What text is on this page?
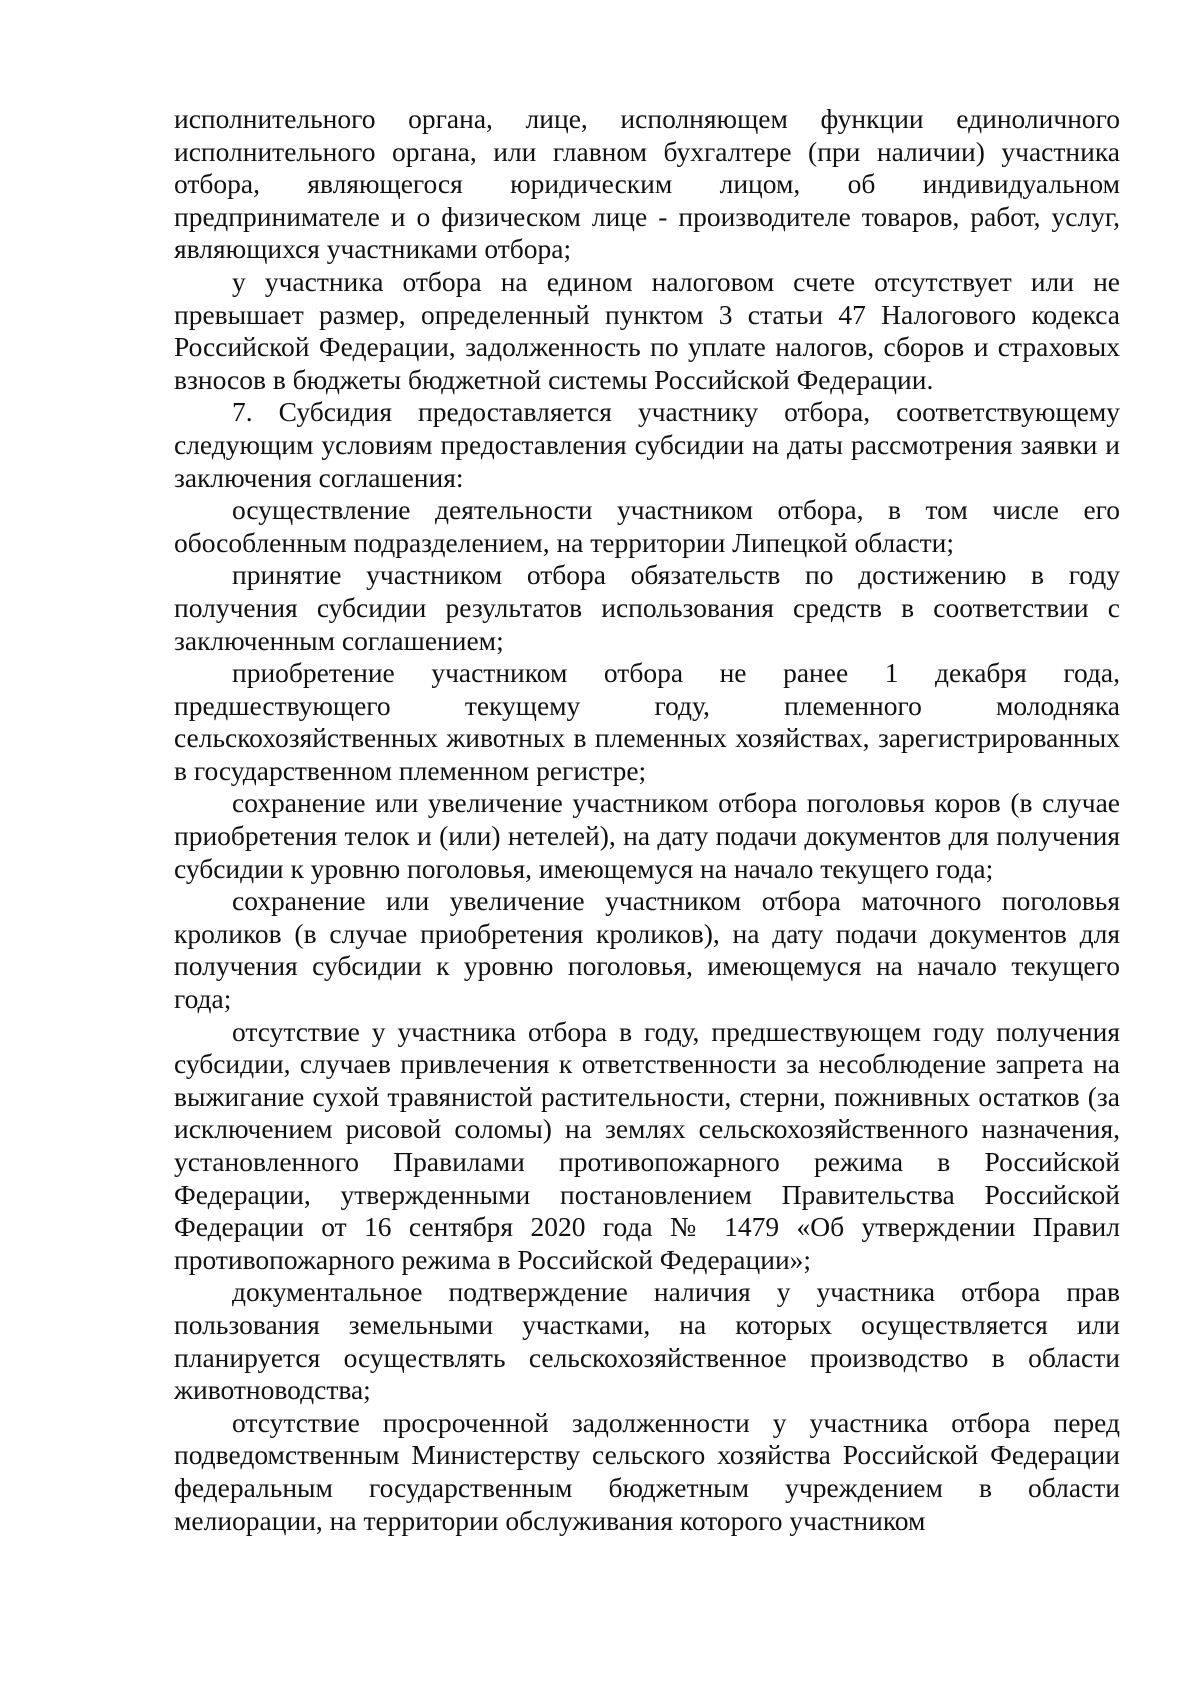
исполнительного органа, лице, исполняющем функции единоличного исполнительного органа, или главном бухгалтере (при наличии) участника отбора, являющегося юридическим лицом, об индивидуальном предпринимателе и о физическом лице - производителе товаров, работ, услуг, являющихся участниками отбора;

у участника отбора на едином налоговом счете отсутствует или не превышает размер, определенный пунктом 3 статьи 47 Налогового кодекса Российской Федерации, задолженность по уплате налогов, сборов и страховых взносов в бюджеты бюджетной системы Российской Федерации.

7. Субсидия предоставляется участнику отбора, соответствующему следующим условиям предоставления субсидии на даты рассмотрения заявки и заключения соглашения:

осуществление деятельности участником отбора, в том числе его обособленным подразделением, на территории Липецкой области;

принятие участником отбора обязательств по достижению в году получения субсидии результатов использования средств в соответствии с заключенным соглашением;

приобретение участником отбора не ранее 1 декабря года, предшествующего текущему году, племенного молодняка сельскохозяйственных животных в племенных хозяйствах, зарегистрированных в государственном племенном регистре;

сохранение или увеличение участником отбора поголовья коров (в случае приобретения телок и (или) нетелей), на дату подачи документов для получения субсидии к уровню поголовья, имеющемуся на начало текущего года;

сохранение или увеличение участником отбора маточного поголовья кроликов (в случае приобретения кроликов), на дату подачи документов для получения субсидии к уровню поголовья, имеющемуся на начало текущего года;

отсутствие у участника отбора в году, предшествующем году получения субсидии, случаев привлечения к ответственности за несоблюдение запрета на выжигание сухой травянистой растительности, стерни, пожнивных остатков (за исключением рисовой соломы) на землях сельскохозяйственного назначения, установленного Правилами противопожарного режима в Российской Федерации, утвержденными постановлением Правительства Российской Федерации от 16 сентября 2020 года № 1479 «Об утверждении Правил противопожарного режима в Российской Федерации»;

документальное подтверждение наличия у участника отбора прав пользования земельными участками, на которых осуществляется или планируется осуществлять сельскохозяйственное производство в области животноводства;

отсутствие просроченной задолженности у участника отбора перед подведомственным Министерству сельского хозяйства Российской Федерации федеральным государственным бюджетным учреждением в области мелиорации, на территории обслуживания которого участником
